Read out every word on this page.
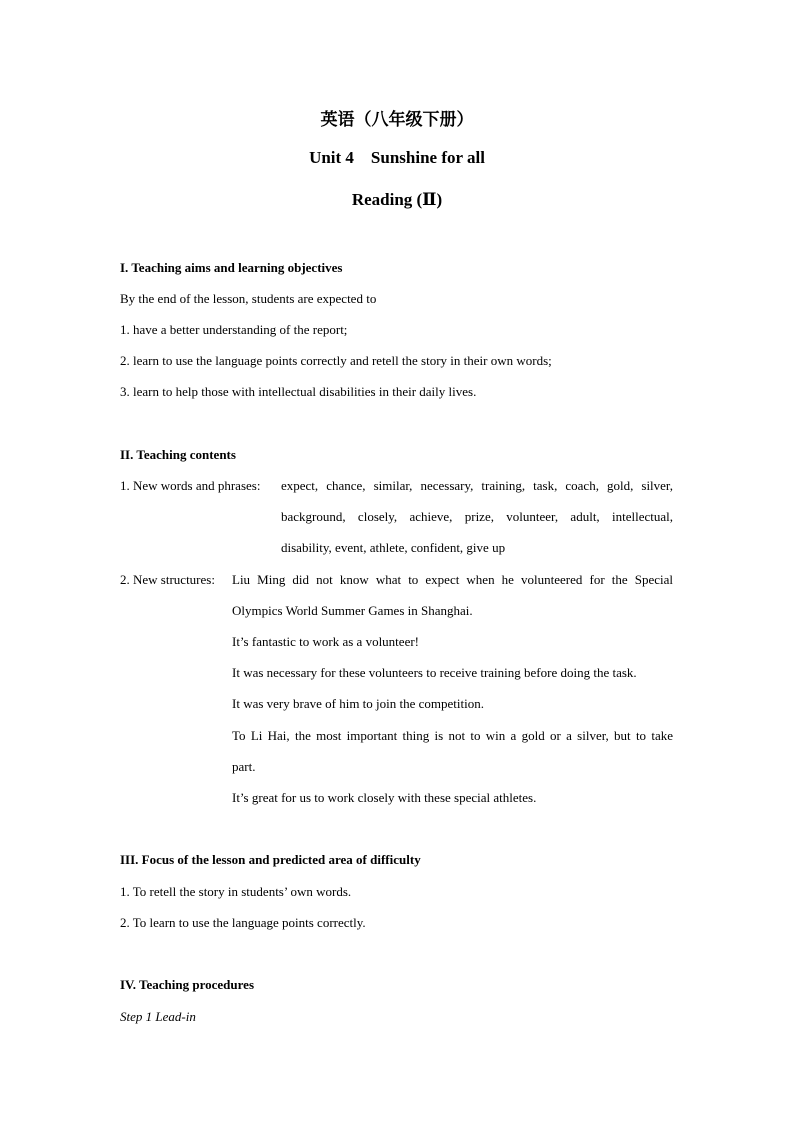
英语（八年级下册）
Unit 4    Sunshine for all
Reading (Ⅱ)
I. Teaching aims and learning objectives
By the end of the lesson, students are expected to
1. have a better understanding of the report;
2. learn to use the language points correctly and retell the story in their own words;
3. learn to help those with intellectual disabilities in their daily lives.
II. Teaching contents
1. New words and phrases: expect, chance, similar, necessary, training, task, coach, gold, silver,
background, closely, achieve, prize, volunteer, adult, intellectual,
disability, event, athlete, confident, give up
2. New structures: Liu Ming did not know what to expect when he volunteered for the Special
Olympics World Summer Games in Shanghai.
It’s fantastic to work as a volunteer!
It was necessary for these volunteers to receive training before doing the task.
It was very brave of him to join the competition.
To Li Hai, the most important thing is not to win a gold or a silver, but to take
part.
It’s great for us to work closely with these special athletes.
III. Focus of the lesson and predicted area of difficulty
1. To retell the story in students’ own words.
2. To learn to use the language points correctly.
IV. Teaching procedures
Step 1 Lead-in
